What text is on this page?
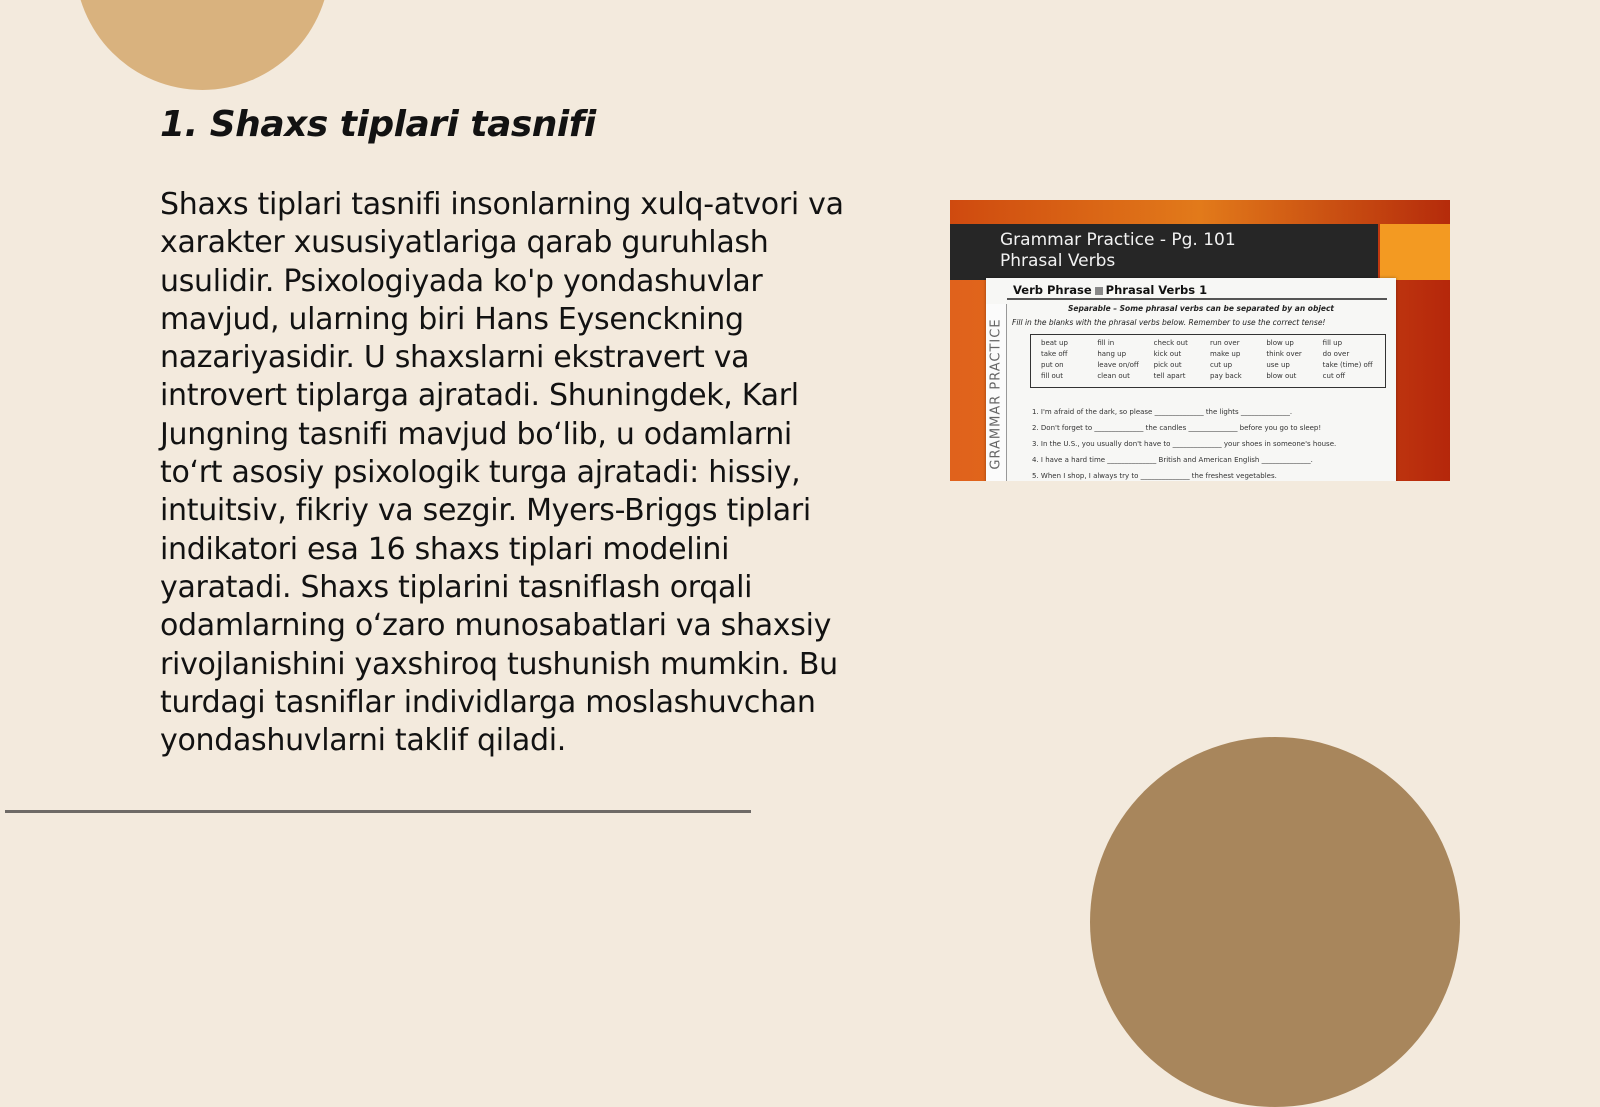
1. Shaxs tiplari tasnifi

Shaxs tiplari tasnifi insonlarning xulq-atvori va xarakter xususiyatlariga qarab guruhlash usulidir. Psixologiyada ko'p yondashuvlar mavjud, ularning biri Hans Eysenckning nazariyasidir. U shaxslarni ekstravert va introvert tiplarga ajratadi. Shuningdek, Karl Jungning tasnifi mavjud bo‘lib, u odamlarni to‘rt asosiy psixologik turga ajratadi: hissiy, intuitsiv, fikriy va sezgir. Myers-Briggs tiplari indikatori esa 16 shaxs tiplari modelini yaratadi. Shaxs tiplarini tasniflash orqali odamlarning o‘zaro munosabatlari va shaxsiy rivojlanishini yaxshiroq tushunish mumkin. Bu turdagi tasniflar individlarga moslashuvchan yondashuvlarni taklif qiladi.

Grammar Practice - Pg. 101
Phrasal Verbs
GRAMMAR PRACTICE
Verb Phrase Phrasal Verbs 1
Separable – Some phrasal verbs can be separated by an object
Fill in the blanks with the phrasal verbs below. Remember to use the correct tense!
beat up
take off
put on
fill out
fill in
hang up
leave on/off
clean out
check out
kick out
pick out
tell apart
run over
make up
cut up
pay back
blow up
think over
use up
blow out
fill up
do over
take (time) off
cut off
1. I'm afraid of the dark, so please ______________ the lights ______________.
2. Don't forget to ______________ the candles ______________ before you go to sleep!
3. In the U.S., you usually don't have to ______________ your shoes in someone's house.
4. I have a hard time ______________ British and American English ______________.
5. When I shop, I always try to ______________ the freshest vegetables.
